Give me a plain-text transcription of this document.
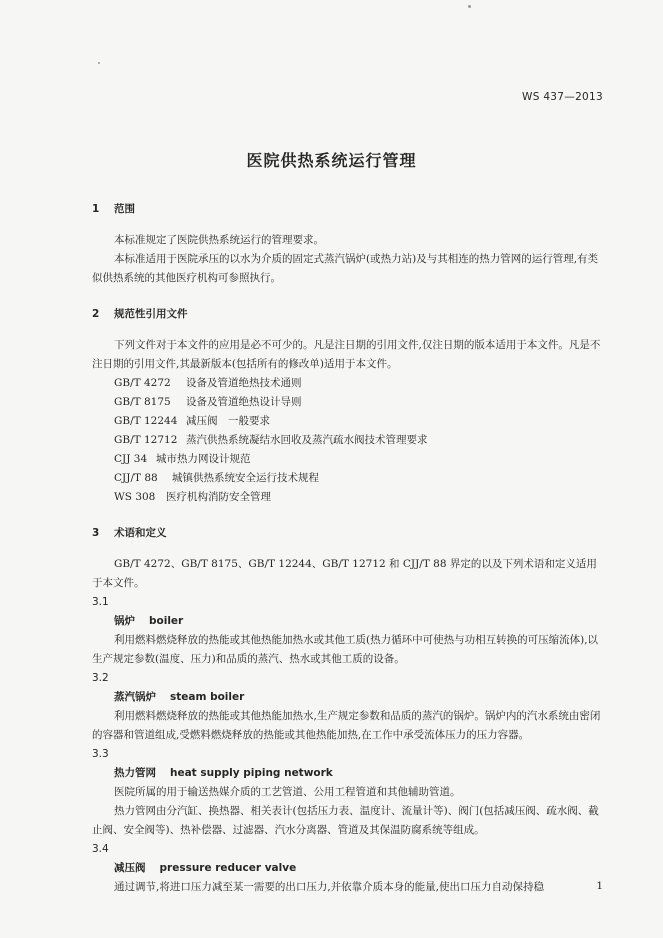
WS 437—2013
医院供热系统运行管理
1	范围

本标准规定了医院供热系统运行的管理要求。

本标准适用于医院承压的以水为介质的固定式蒸汽锅炉(或热力站)及与其相连的热力管网的运行管理,有类似供热系统的其他医疗机构可参照执行。

2	规范性引用文件

下列文件对于本文件的应用是必不可少的。凡是注日期的引用文件,仅注日期的版本适用于本文件。凡是不注日期的引用文件,其最新版本(包括所有的修改单)适用于本文件。

GB/T 4272	设备及管道绝热技术通则
GB/T 8175	设备及管道绝热设计导则
GB/T 12244 减压阀　一般要求
GB/T 12712 蒸汽供热系统凝结水回收及蒸汽疏水阀技术管理要求
CJJ 34 城市热力网设计规范
CJJ/T 88	城镇供热系统安全运行技术规程
WS 308	医疗机构消防安全管理
3	术语和定义

GB/T 4272、GB/T 8175、GB/T 12244、GB/T 12712 和 CJJ/T 88 界定的以及下列术语和定义适用于本文件。

3.1
锅炉 boiler

利用燃料燃烧释放的热能或其他热能加热水或其他工质(热力循环中可使热与功相互转换的可压缩流体),以生产规定参数(温度、压力)和品质的蒸汽、热水或其他工质的设备。

3.2
蒸汽锅炉 steam boiler

利用燃料燃烧释放的热能或其他热能加热水,生产规定参数和品质的蒸汽的锅炉。锅炉内的汽水系统由密闭的容器和管道组成,受燃料燃烧释放的热能或其他热能加热,在工作中承受流体压力的压力容器。

3.3
热力管网 heat supply piping network

医院所属的用于输送热媒介质的工艺管道、公用工程管道和其他辅助管道。

热力管网由分汽缸、换热器、相关表计(包括压力表、温度计、流量计等)、阀门(包括减压阀、疏水阀、截止阀、安全阀等)、热补偿器、过滤器、汽水分离器、管道及其保温防腐系统等组成。

3.4
减压阀 pressure reducer valve

通过调节,将进口压力减至某一需要的出口压力,并依靠介质本身的能量,使出口压力自动保持稳	1
